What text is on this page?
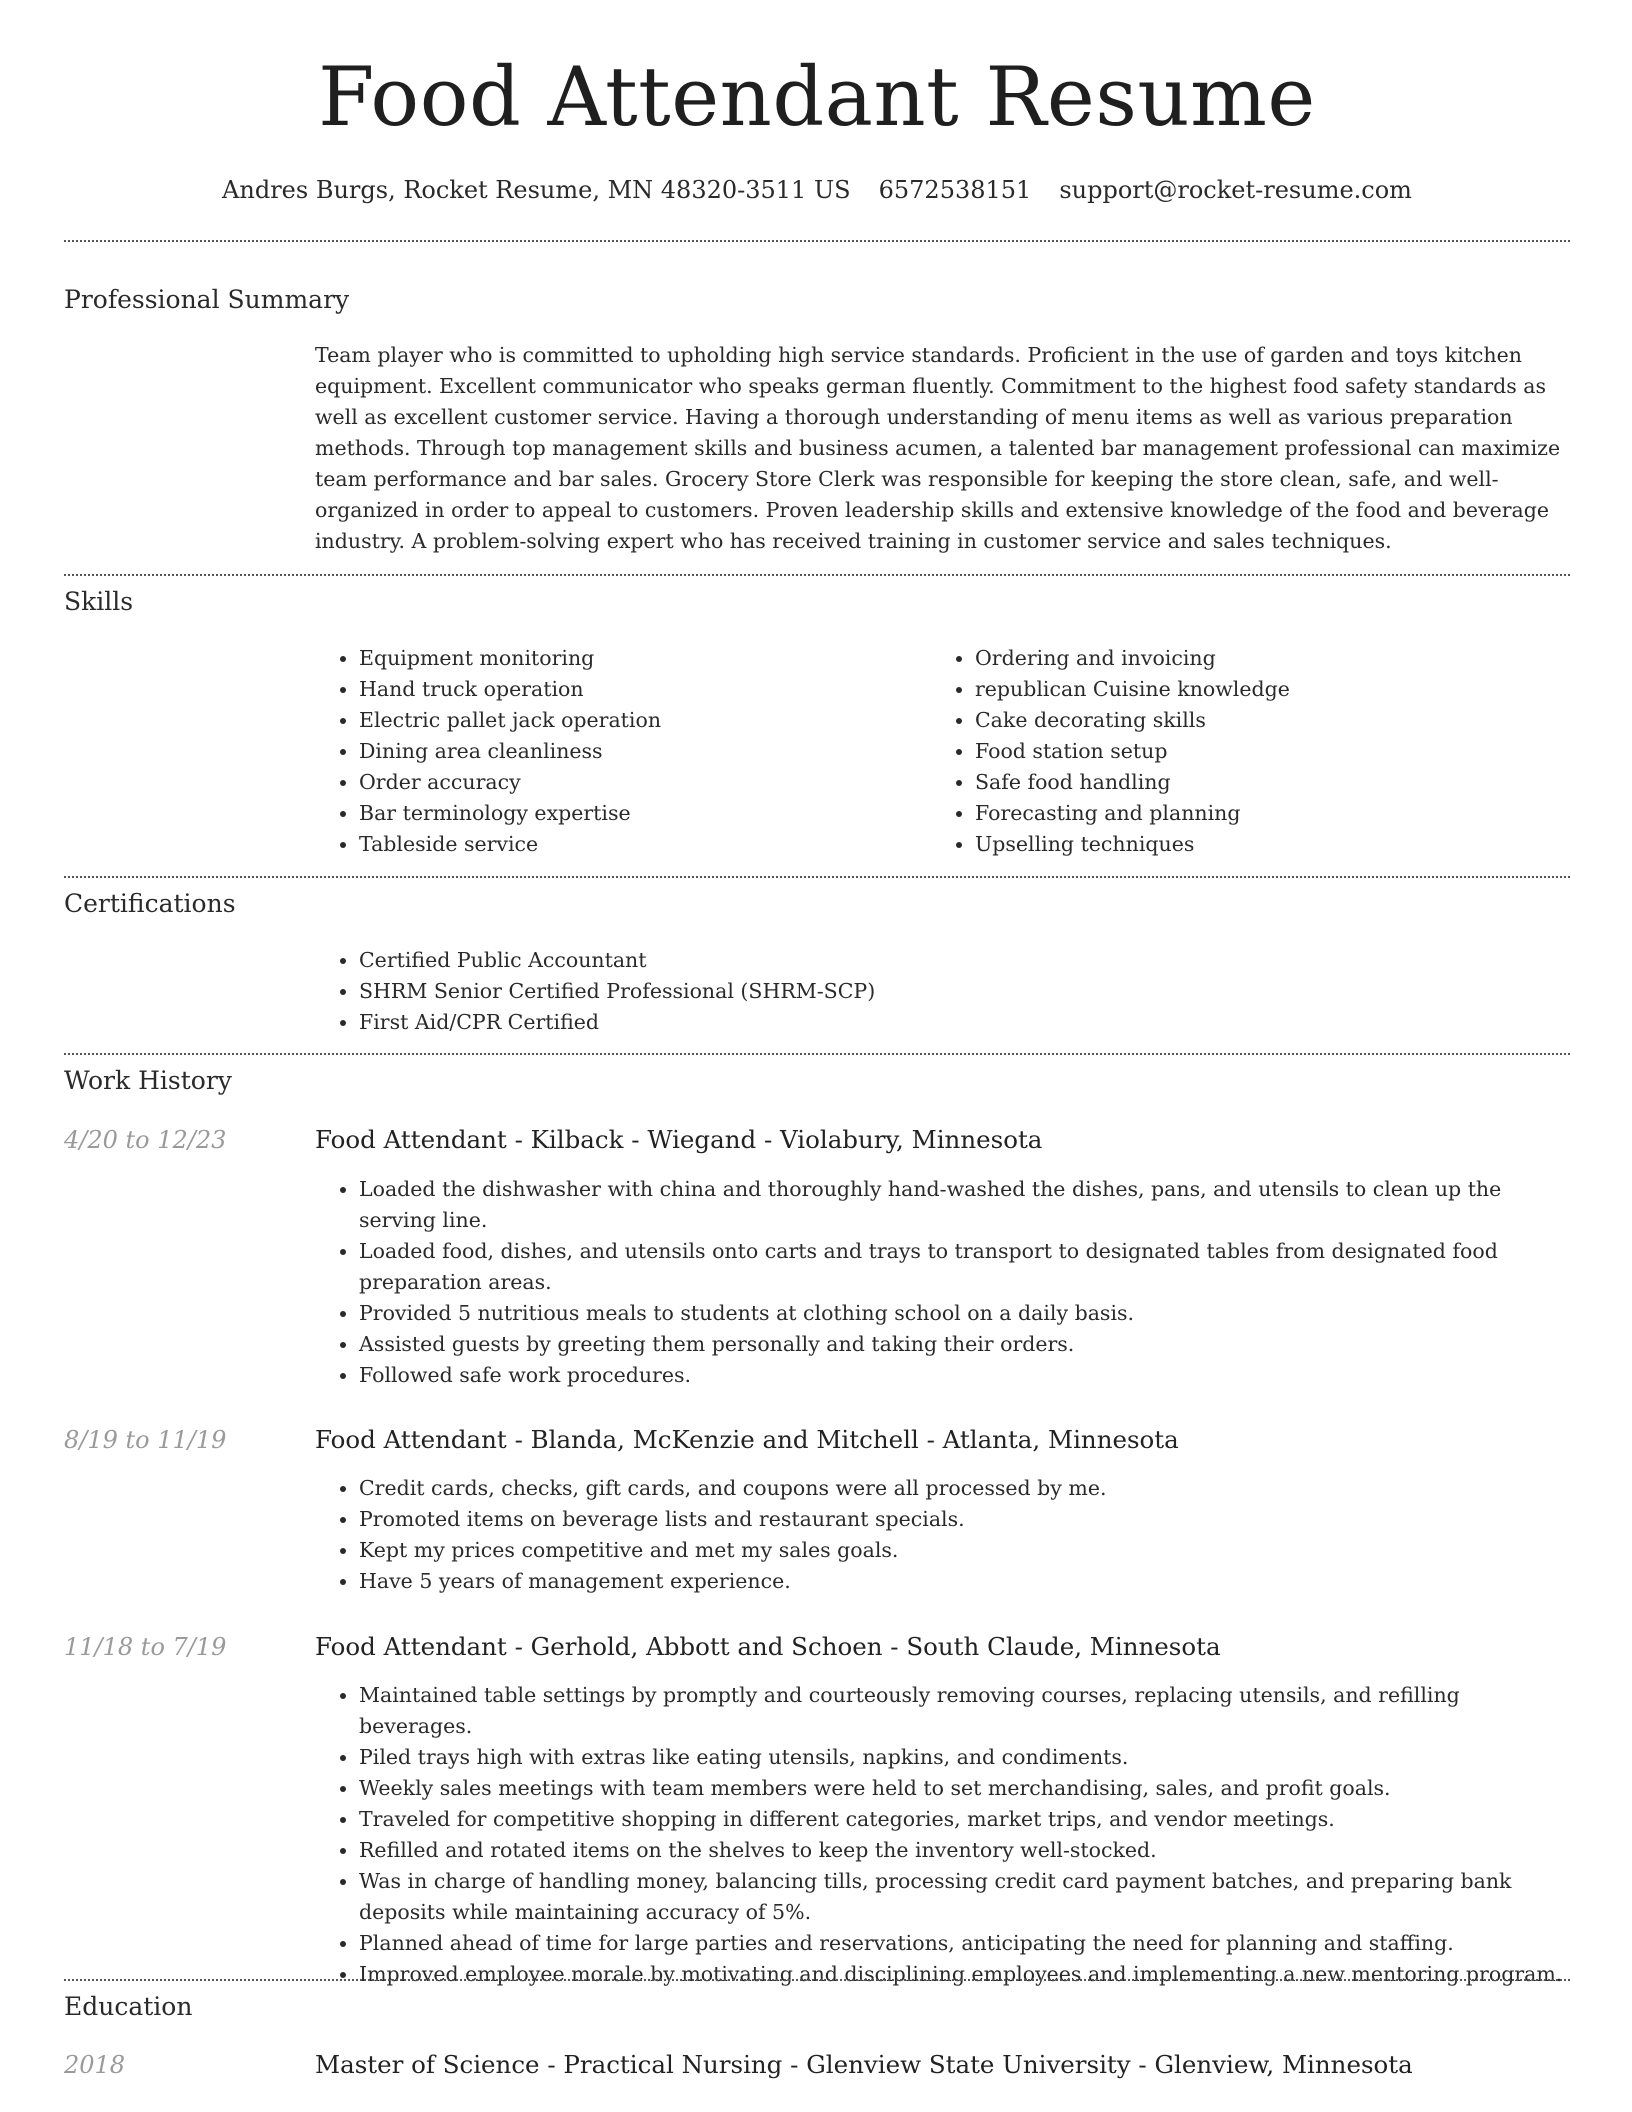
Food Attendant Resume
Andres Burgs, Rocket Resume, MN 48320-3511 US 6572538151 support@rocket-resume.com
Professional Summary

Team player who is committed to upholding high service standards. Proficient in the use of garden and toys kitchen equipment. Excellent communicator who speaks german fluently. Commitment to the highest food safety standards as well as excellent customer service. Having a thorough understanding of menu items as well as various preparation methods. Through top management skills and business acumen, a talented bar management professional can maximize team performance and bar sales. Grocery Store Clerk was responsible for keeping the store clean, safe, and well-organized in order to appeal to customers. Proven leadership skills and extensive knowledge of the food and beverage industry. A problem-solving expert who has received training in customer service and sales techniques.

Skills
• Equipment monitoring
• Hand truck operation
• Electric pallet jack operation
• Dining area cleanliness
• Order accuracy
• Bar terminology expertise
• Tableside service
• Ordering and invoicing
• republican Cuisine knowledge
• Cake decorating skills
• Food station setup
• Safe food handling
• Forecasting and planning
• Upselling techniques
Certifications
• Certified Public Accountant
• SHRM Senior Certified Professional (SHRM-SCP)
• First Aid/CPR Certified
Work History
4/20 to 12/23	Food Attendant - Kilback - Wiegand - Violabury, Minnesota
• Loaded the dishwasher with china and thoroughly hand-washed the dishes, pans, and utensils to clean up the serving line.
• Loaded food, dishes, and utensils onto carts and trays to transport to designated tables from designated food preparation areas.
• Provided 5 nutritious meals to students at clothing school on a daily basis.
• Assisted guests by greeting them personally and taking their orders.
• Followed safe work procedures.
8/19 to 11/19	Food Attendant - Blanda, McKenzie and Mitchell - Atlanta, Minnesota
• Credit cards, checks, gift cards, and coupons were all processed by me.
• Promoted items on beverage lists and restaurant specials.
• Kept my prices competitive and met my sales goals.
• Have 5 years of management experience.
11/18 to 7/19	Food Attendant - Gerhold, Abbott and Schoen - South Claude, Minnesota
• Maintained table settings by promptly and courteously removing courses, replacing utensils, and refilling beverages.
• Piled trays high with extras like eating utensils, napkins, and condiments.
• Weekly sales meetings with team members were held to set merchandising, sales, and profit goals.
• Traveled for competitive shopping in different categories, market trips, and vendor meetings.
• Refilled and rotated items on the shelves to keep the inventory well-stocked.
• Was in charge of handling money, balancing tills, processing credit card payment batches, and preparing bank deposits while maintaining accuracy of 5%.
• Planned ahead of time for large parties and reservations, anticipating the need for planning and staffing.
• Improved employee morale by motivating and disciplining employees and implementing a new mentoring program.
Education
2018	Master of Science - Practical Nursing - Glenview State University - Glenview, Minnesota
